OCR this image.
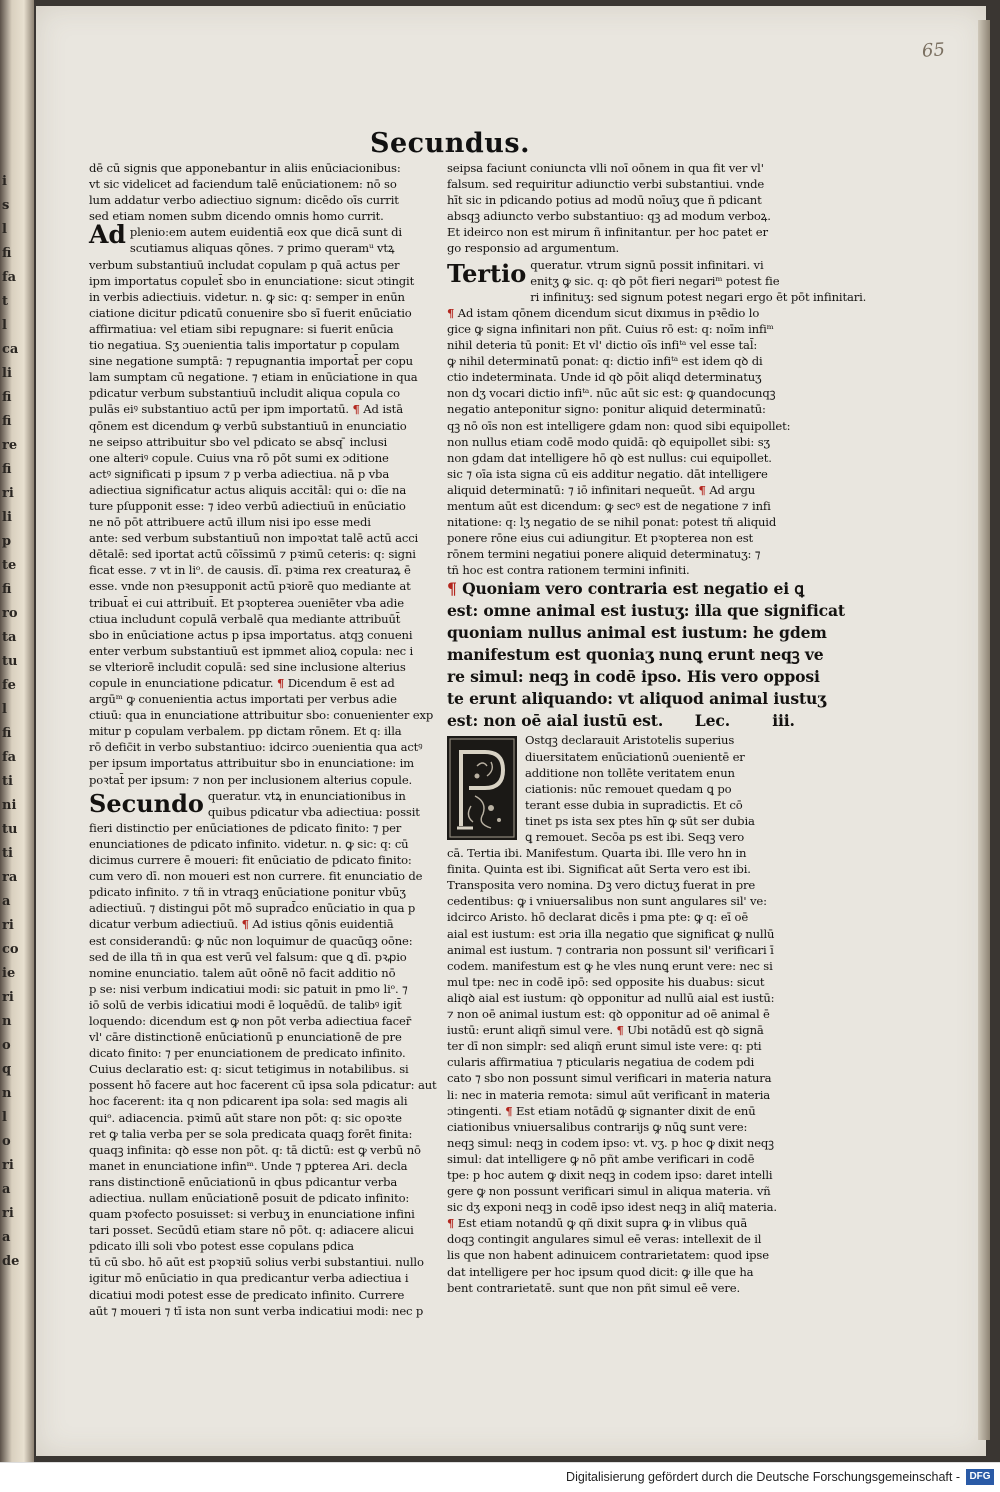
i
s
l
fi
fa
t
l
ca
li
fi
fi
re
fi
ri
li
p
te
fi
ro
ta
tu
fe
l
fi
fa
ti
ni
tu
ti
ra
a
ri
co
ie
ri
n
o
q
n
l
o
ri
a
ri
a
de
65
Secundus.
dē cū signis que apponebantur in aliis enūciacionibus:
vt sic videlicet ad faciendum talē enūciationem: nō so
lum addatur verbo adiectiuo signum: dicēdo oīs currit
sed etiam nomen subm dicendo omnis homo currit.

Ad plenio:em autem euidentiā eox que dicā sunt di
scutiamus aliquas qōnes. ⁊ primo queramᵘ vtꝝ
verbum substantiuū includat copulam p quā actus per
ipm importatus copulet̄ sbo in enunciatione: sicut ɔtingit
in verbis adiectiuis. videtur. n. ꝙ sic: q: semper in enūn
ciatione dicitur pdicatū conuenire sbo sī fuerit enūciatio
affirmatiua: vel etiam sibi repugnare: si fuerit enūcia
tio negatiua. Sʒ ɔuenientia talis importatur p copulam
sine negatione sumptā: ⁊ repugnantia importat̄ per copu
lam sumptam cū negatione. ⁊ etiam in enūciatione in qua
pdicatur verbum substantiuū includit aliqua copula co
pulās eiꝰ substantiuo actū per ipm importatū. ¶ Ad istā
qōnem est dicendum ꝙ verbū substantiuū in enunciatio
ne seipso attribuitur sbo vel pdicato se absq ̄ inclusi
one alteriꝰ copule. Cuius vna rō pōt sumi ex ɔditione
actꝰ significati p ipsum ⁊ p verba adiectiua. nā p vba
adiectiua significatur actus aliquis accitāl: qui o: dīe na
ture pſupponit esse: ⁊ ideo verbū adiectiuū in enūciatio
ne nō pōt attribuere actū illum nisi ipo esse medi
ante: sed verbum substantiuū non impoꝛtat talē actū acci
dētalē: sed iportat actū cōīssimū ⁊ pꝛimū ceteris: q: signi
ficat esse. ⁊ vt in liᵒ. de causis. dī. pꝛima rex creaturaꝝ ē
esse. vnde non pꝛesupponit actū pꝛiorē quo mediante at
tribuat̄ ei cui attribuit̄. Et pꝛopterea ɔueniēter vba adie
ctiua includunt copulā verbalē qua mediante attribuūt̄
sbo in enūciatione actus p ipsa importatus. atqꝫ conueni
enter verbum substantiuū est ipmmet alioꝝ copula: nec i
se vlteriorē includit copulā: sed sine inclusione alterius
copule in enunciatione pdicatur. ¶ Dicendum ē est ad
argūᵐ ꝙ conuenientia actus importati per verbus adie
ctiuū: qua in enunciatione attribuitur sbo: conuenienter exp
mitur p copulam verbalem. pp dictam rōnem. Et q: illa
rō defic̄it in verbo substantiuo: idcirco ɔuenientia qua actꝰ
per ipsum importatus attribuitur sbo in enunciatione: im
poꝛtat̄ per ipsum: ⁊ non per inclusionem alterius copule.

Secundo queratur. vtꝝ in enunciationibus in
quibus pdicatur vba adiectiua: possit
fieri distinctio per enūciationes de pdicato finito: ⁊ per
enunciationes de pdicato infinito. videtur. n. ꝙ sic: q: cū
dicimus currere ē moueri: fit enūciatio de pdicato finito:
cum vero dī. non moueri est non currere. fit enunciatio de
pdicato infinito. ⁊ tñ in vtraqꝫ enūciatione ponitur vbūʒ
adiectiuū. ⁊ distingui pōt mō suprad̄co enūciatio in qua p
dicatur verbum adiectiuū. ¶ Ad istius qōnis euidentiā
est considerandū: ꝙ nūc non loquimur de quacūqꝫ oōne:
sed de illa tñ in qua est verū vel falsum: que ꝗ dī. pꝛꝓio
nomine enunciatio. talem aūt oōnē nō facit additio nō
p se: nisi verbum indicatiui modi: sic patuit in pmo liᵒ. ⁊
iō solū de verbis idicatiui modi ē loquēdū. de talibꝰ igit̄
loquendo: dicendum est ꝙ non pōt verba adiectiua facer̄
vl' cāre distinctionē enūciationū p enunciationē de pre
dicato finito: ⁊ per enunciationem de predicato infinito.
Cuius declaratio est: q: sicut tetigimus in notabilibus. si
possent hō facere aut hoc facerent cū ipsa sola pdicatur: aut
hoc facerent: ita q non pdicarent ipa sola: sed magis ali
quiᵒ. adiacencia. pꝛimū aūt stare non pōt: q: sic opoꝛte
ret ꝙ talia verba per se sola predicata quaqꝫ forēt finita:
quaqꝫ infinita: qꝺ esse non pōt. q: tā dictū: est ꝙ verbū nō
manet in enunciatione infinᵐ. Unde ⁊ pꝑterea Ari. decla
rans distinctionē enūciationū in qbus pdicantur verba
adiectiua. nullam enūciationē posuit de pdicato infinito:
quam pꝛofecto posuisset: si verbuʒ in enunciatione infini
tari posset. Secūdū etiam stare nō pōt. q: adiacere alicui
pdicato illi soli vbo potest esse copulans pdica
tū cū sbo. hō aūt est pꝛopꝛiū solius verbi substantiui. nullo
igitur mō enūciatio in qua predicantur verba adiectiua i
dicatiui modi potest esse de predicato infinito. Currere
aūt ⁊ moueri ⁊ tī ista non sunt verba indicatiui modi: nec p

seipsa faciunt coniuncta vlli noī oōnem in qua fit ver vl'
falsum. sed requiritur adiunctio verbi substantiui. vnde
hīt sic in pdicando potius ad modū noīuʒ que ñ pdicant
absqꝫ adiuncto verbo substantiuo: qꝫ ad modum verboꝝ.
Et ideirco non est mirum ñ infinitantur. per hoc patet er
go responsio ad argumentum.

Tertio queratur. vtrum signū possit infinitari. vi
enitʒ ꝙ sic. q: qꝺ pōt fieri negariᵐ potest fie
ri infinituʒ: sed signum potest negari ergo ēt pōt infinitari.
¶ Ad istam qōnem dicendum sicut dixımus in pꝛēdio lo
gice ꝙ signa infinitari non pñt. Cuius rō est: q: noīm infiᵐ
nihil deteria tū ponit: Et vl' dictio oīs infiᵗᵃ vel esse tal̄:
ꝙ nihil determinatū ponat: q: dictio infiᵗᵃ est idem qꝺ di
ctio indeterminata. Unde id qꝺ pōit aliqd determinatuʒ
non dʒ vocari dictio infiᵗᵃ. nūc aūt sic est: ꝙ quandocunqꝫ
negatio anteponitur signo: ponitur aliquid determinatū:
qꝫ nō oīs non est intelligere gdam non: quod sibi equipollet:
non nullus etiam codē modo quidā: qꝺ equipollet sibi: sʒ
non gdam dat intelligere hō qꝺ est nullus: cui equipollet.
sic ⁊ oīa ista signa cū eis additur negatio. dāt intelligere
aliquid determinatū: ⁊ iō infinitari nequeūt. ¶ Ad argu
mentum aūt est dicendum: ꝙ secꝰ est de negatione ⁊ infi
nitatione: q: lʒ negatio de se nihil ponat: potest tñ aliquid
ponere rōne eius cui adiungitur. Et pꝛopterea non est
rōnem termini negatiui ponere aliquid determinatuʒ: ⁊
tñ hoc est contra rationem termini infiniti.

¶ Quoniam vero contraria est negatio ei ꝗ
est: omne animal est iustuʒ: illa que significat
quoniam nullus animal est iustum: he gdem
manifestum est quoniaʒ nunꝗ erunt neqꝫ ve
re simul: neqꝫ in codē ipso. His vero opposi
te erunt aliquando: vt aliquod animal iustuʒ
est: non oē aial iustū est.      Lec.        iii.

Ostqꝫ declarauit Aristotelis superius
diuersitatem enūciationū ɔuenientē er
additione non tollēte veritatem enun
ciationis: nūc remouet quedam ꝗ po
terant esse dubia in supradictis. Et cō
tinet ps ista sex ptes hīn ꝙ sūt ser dubia
ꝗ remouet. Secōa ps est ibi. Seqꝫ vero
cā. Tertia ibi. Manifestum. Quarta ibi. Ille vero hn in
finita. Quinta est ibi. Significat aūt Serta vero est ibi.
Transposita vero nomina. Dꝫ vero dictuʒ fuerat in pre
cedentibus: ꝙ i vniuersalibus non sunt angulares sil' ve:
idcirco Aristo. hō declarat dicēs i pma pte: ꝙ q: eī oē
aial est iustum: est ɔria illa negatio que significat ꝙ nullū
animal est iustum. ⁊ contraria non possunt sil' verificari ī
codem. manifestum est ꝙ he vles nunꝗ erunt vere: nec si
mul tpe: nec in codē ipō: sed opposite his duabus: sicut
aliqꝺ aial est iustum: qꝺ opponitur ad nullū aial est iustū:
⁊ non oē animal iustum est: qꝺ opponitur ad oē animal ē
iustū: erunt aliqñ simul vere. ¶ Ubi notādū est qꝺ signā
ter dī non simplr: sed aliqñ erunt simul iste vere: q: pti
cularis affirmatiua ⁊ pticularis negatiua de codem pdi
cato ⁊ sbo non possunt simul verificari in materia natura
li: nec in materia remota: simul aūt verificant̄ in materia
ɔtingenti. ¶ Est etiam notādū ꝙ signanter dixit de enū
ciationibus vniuersalibus contrarijs ꝙ nūꝗ sunt vere:
neqꝫ simul: neqꝫ in codem ipso: vt. vʒ. p hoc ꝙ dixit neqꝫ
simul: dat intelligere ꝙ nō pñt ambe verificari in codē
tpe: p hoc autem ꝙ dixit neqꝫ in codem ipso: daret intelli
gere ꝙ non possunt verificari simul in aliqua materia. vñ
sic dʒ exponi neqꝫ in codē ipso idest neqꝫ in aliq̄ materia.
¶ Est etiam notandū ꝙ qñ dixit supra ꝙ in vlibus quā
doqꝫ contingit angulares simul eē veras: intellexit de il
lis que non habent adinuicem contrarietatem: quod ipse
dat intelligere per hoc ipsum quod dicit: ꝙ ille que ha
bent contrarietatē. sunt que non pñt simul eē vere.

Digitalisierung gefördert durch die Deutsche Forschungsgemeinschaft - DFG
